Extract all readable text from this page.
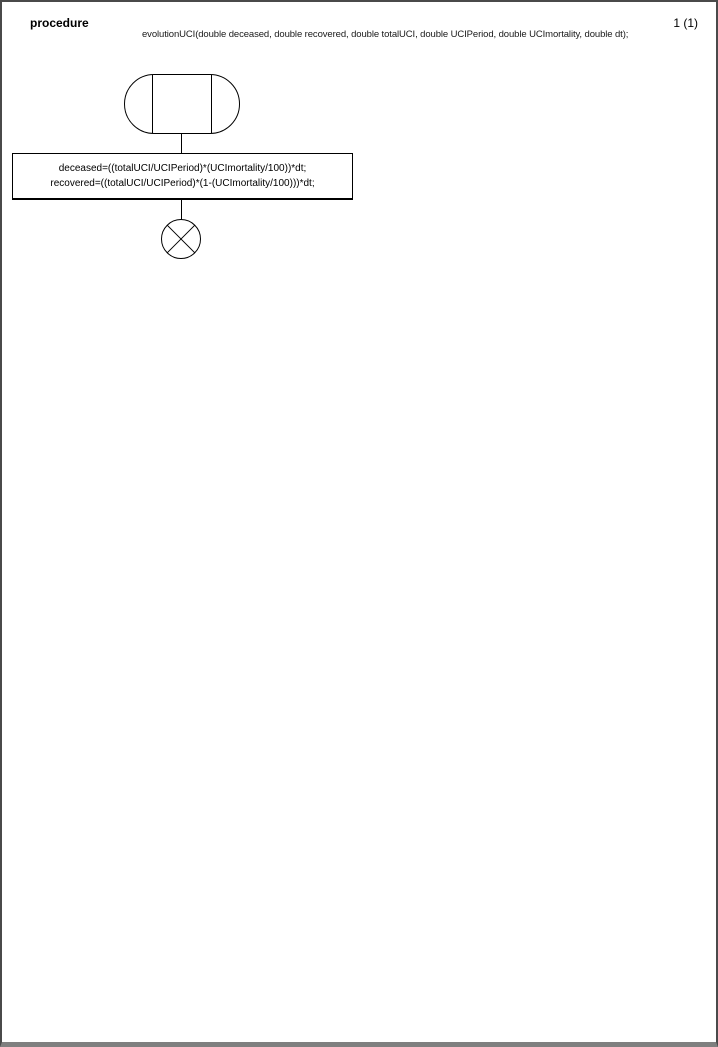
procedure
evolutionUCI(double deceased, double recovered, double totalUCI, double UCIPeriod, double UCImortality, double dt);
1 (1)
deceased=((totalUCI/UCIPeriod)*(UCImortality/100))*dt;
recovered=((totalUCI/UCIPeriod)*(1-(UCImortality/100)))*dt;
